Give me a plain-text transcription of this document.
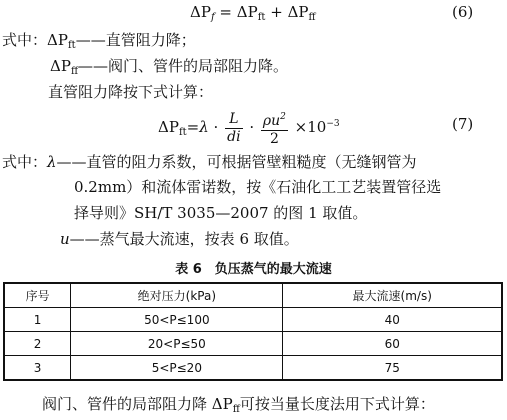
$\Delta P_f = \Delta P_{ft} + \Delta P_{ff}$	(6)
式中：$\Delta P_{ft}——$直管阻力降；
$\Delta P_{ff}——$阀门、管件的局部阻力降。
直管阻力降按下式计算：
$\Delta P_{ft}=\lambda \cdot \frac{L}{di} \cdot \frac{\rho u^2}{2} \times 10^{-3}$	(7)
式中：λ——直管的阻力系数，可根据管壁粗糙度（无缝钢管为
0.2mm）和流体雷诺数，按《石油化工工艺装置管径选
择导则》SH/T 3035—2007 的图 1 取值。
u——蒸气最大流速，按表 6 取值。
表 6　负压蒸气的最大流速
序号	绝对压力(kPa)	最大流速(m/s)
1	50<P≤100	40
2	20<P≤50	60
3	5<P≤20	75
阀门、管件的局部阻力降 $\Delta P_{ff}$可按当量长度法用下式计算：
